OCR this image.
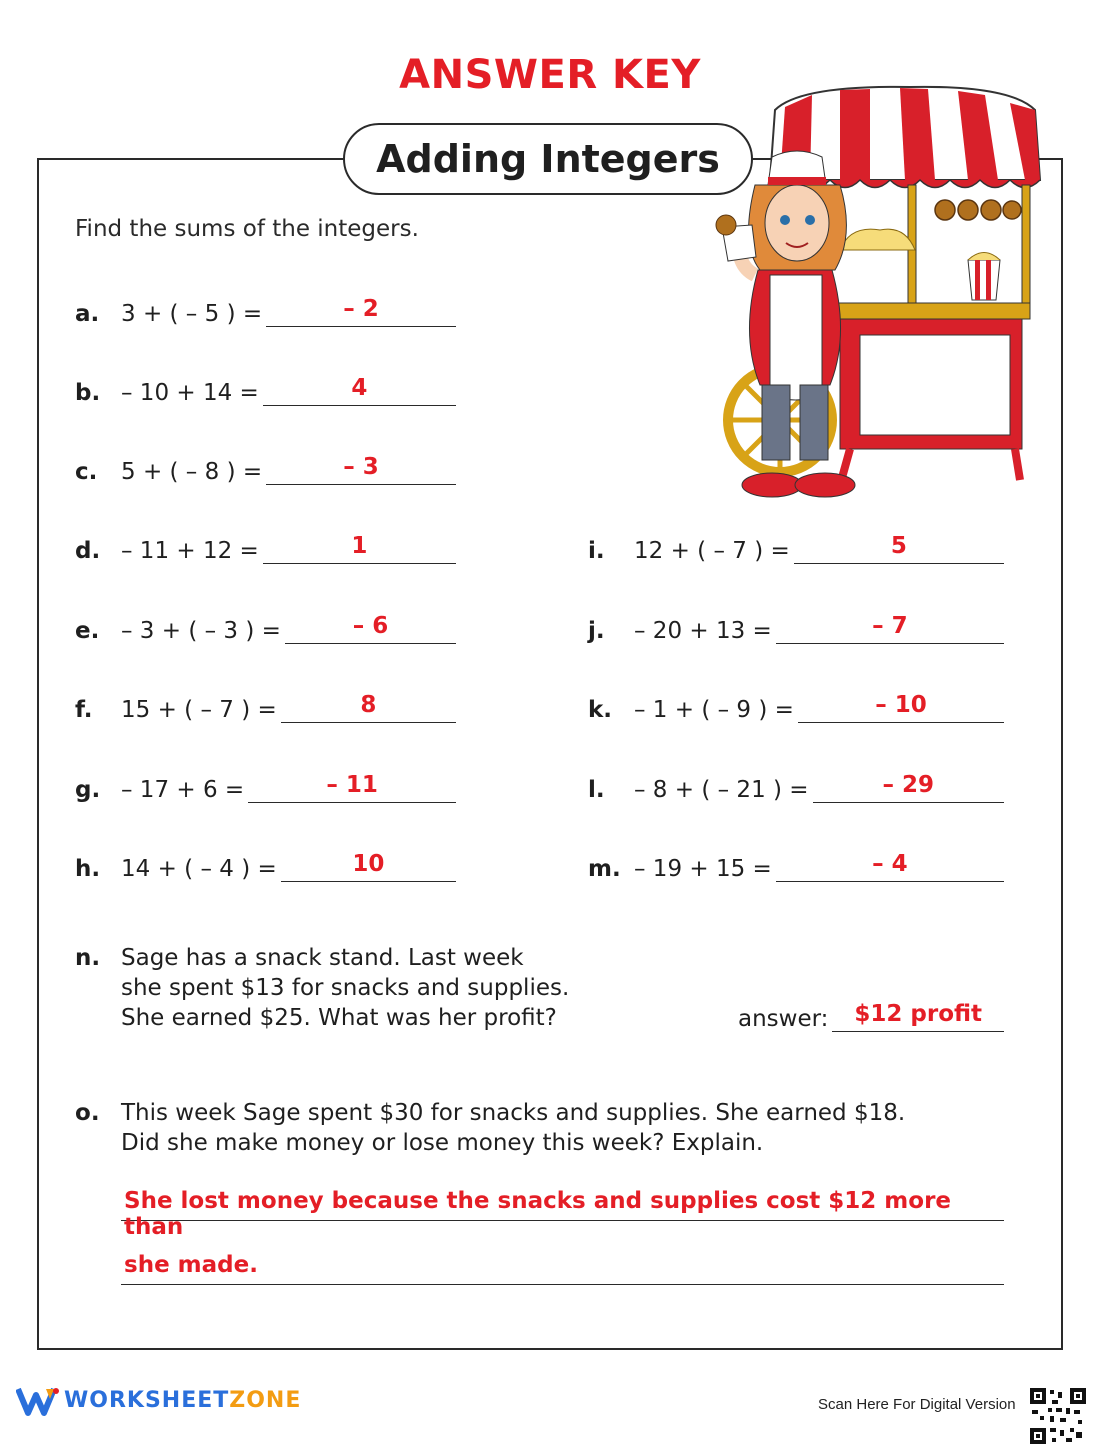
ANSWER KEY
Adding Integers
Find the sums of the integers.
a. 3 + ( – 5 ) =	– 2
b. – 10 + 14 =	4
c.	5 + ( – 8 ) =	– 3
d. – 11 + 12 =	1
e. – 3 + ( – 3 ) =	– 6
f.	15 + ( – 7 ) =	8
g. – 17 + 6 =	– 11
h. 14 + ( – 4 ) =	10
i.	12 + ( – 7 ) =	5
j.	– 20 + 13 =	– 7
k. – 1 + ( – 9 ) =	– 10
l.	– 8 + ( – 21 ) =	– 29
m. – 19 + 15 =	– 4
n. Sage has a snack stand. Last week
she spent $13 for snacks and supplies.
She earned $25. What was her profit?	answer:	$12 profit
o. This week Sage spent $30 for snacks and supplies. She earned $18.
Did she make money or lose money this week? Explain.
She lost money because the snacks and supplies cost $12 more than
she made.
WORKSHEETZONE	Scan Here For Digital Version
